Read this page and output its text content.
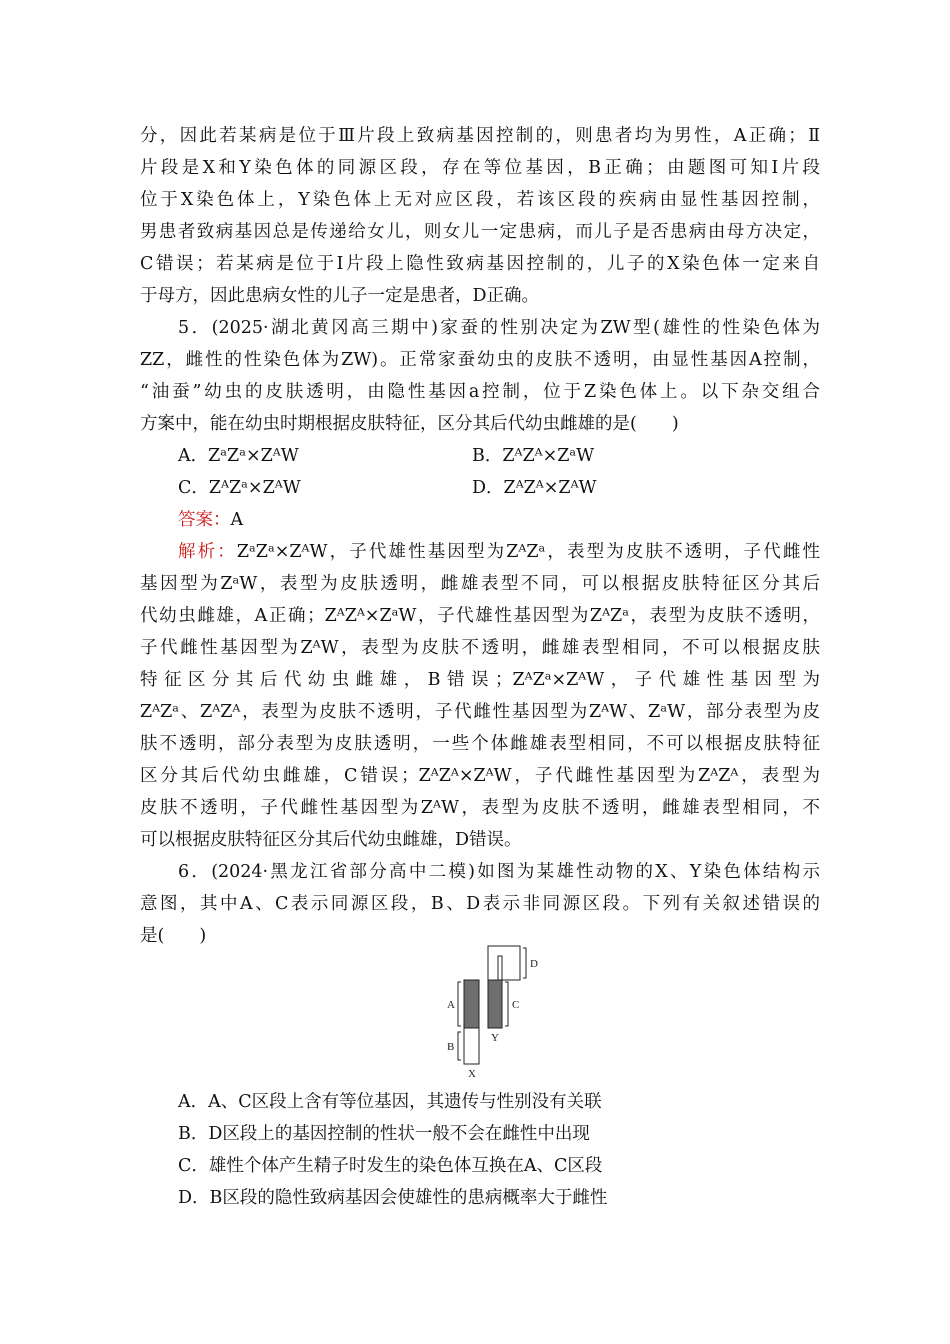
分，因此若某病是位于Ⅲ片段上致病基因控制的，则患者均为男性，A正确；Ⅱ
片段是X和Y染色体的同源区段，存在等位基因，B正确；由题图可知Ⅰ片段
位于X染色体上，Y染色体上无对应区段，若该区段的疾病由显性基因控制，
男患者致病基因总是传递给女儿，则女儿一定患病，而儿子是否患病由母方决定，
C错误；若某病是位于Ⅰ片段上隐性致病基因控制的，儿子的X染色体一定来自
于母方，因此患病女性的儿子一定是患者，D正确。
5．(2025·湖北黄冈高三期中)家蚕的性别决定为ZW型(雄性的性染色体为
ZZ，雌性的性染色体为ZW)。正常家蚕幼虫的皮肤不透明，由显性基因A控制，
“油蚕”幼虫的皮肤透明，由隐性基因a控制，位于Z染色体上。以下杂交组合
方案中，能在幼虫时期根据皮肤特征，区分其后代幼虫雌雄的是(　　)
A．ZᵃZᵃ×ZᴬW	B．ZᴬZᴬ×ZᵃW
C．ZᴬZᵃ×ZᴬW	D．ZᴬZᴬ×ZᴬW
答案：A
解析：ZᵃZᵃ×ZᴬW，子代雄性基因型为ZᴬZᵃ，表型为皮肤不透明，子代雌性
基因型为ZᵃW，表型为皮肤透明，雌雄表型不同，可以根据皮肤特征区分其后
代幼虫雌雄，A正确；ZᴬZᴬ×ZᵃW，子代雄性基因型为ZᴬZᵃ，表型为皮肤不透明，
子代雌性基因型为ZᴬW，表型为皮肤不透明，雌雄表型相同，不可以根据皮肤
特征区分其后代幼虫雌雄，B错误；ZᴬZᵃ×ZᴬW，子代雄性基因型为
ZᴬZᵃ、ZᴬZᴬ，表型为皮肤不透明，子代雌性基因型为ZᴬW、ZᵃW，部分表型为皮
肤不透明，部分表型为皮肤透明，一些个体雌雄表型相同，不可以根据皮肤特征
区分其后代幼虫雌雄，C错误；ZᴬZᴬ×ZᴬW，子代雌性基因型为ZᴬZᴬ，表型为
皮肤不透明，子代雌性基因型为ZᴬW，表型为皮肤不透明，雌雄表型相同，不
可以根据皮肤特征区分其后代幼虫雌雄，D错误。
6．(2024·黑龙江省部分高中二模)如图为某雄性动物的X、Y染色体结构示
意图，其中A、C表示同源区段，B、D表示非同源区段。下列有关叙述错误的
是(　　)
A
B
C
D
X
Y
A．A、C区段上含有等位基因，其遗传与性别没有关联
B．D区段上的基因控制的性状一般不会在雌性中出现
C．雄性个体产生精子时发生的染色体互换在A、C区段
D．B区段的隐性致病基因会使雄性的患病概率大于雌性
